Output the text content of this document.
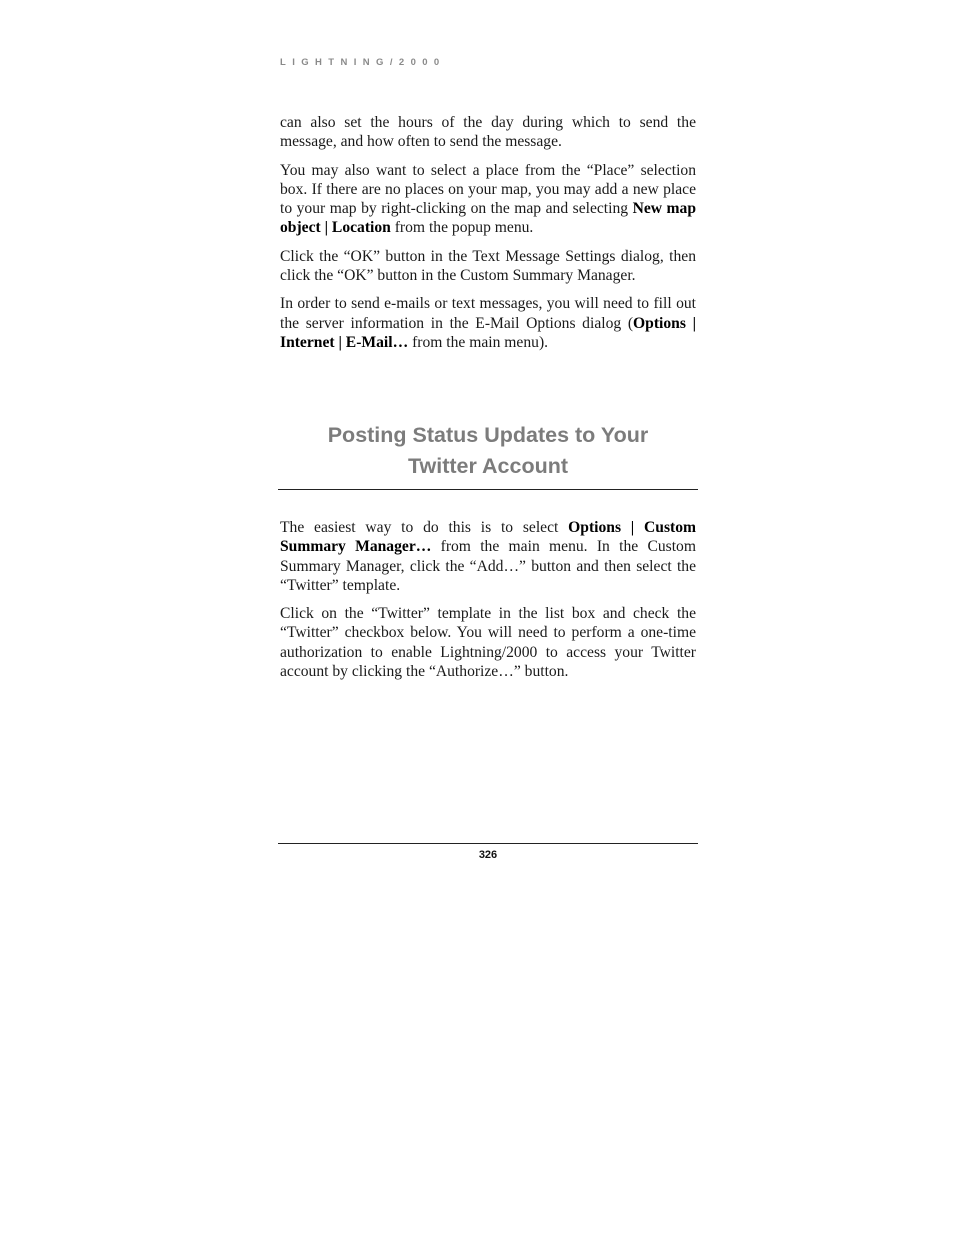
LIGHTNING/2000

can also set the hours of the day during which to send the message, and how often to send the message.

You may also want to select a place from the “Place” selection box. If there are no places on your map, you may add a new place to your map by right-clicking on the map and selecting New map object | Location from the popup menu.

Click the “OK” button in the Text Message Settings dialog, then click the “OK” button in the Custom Summary Manager.

In order to send e-mails or text messages, you will need to fill out the server information in the E-Mail Options dialog (Options | Internet | E-Mail… from the main menu).

Posting Status Updates to Your
Twitter Account

The easiest way to do this is to select Options | Custom Summary Manager… from the main menu. In the Custom Summary Manager, click the “Add…” button and then select the “Twitter” template.

Click on the “Twitter” template in the list box and check the “Twitter” checkbox below. You will need to perform a one-time authorization to enable Lightning/2000 to access your Twitter account by clicking the “Authorize…” button.

326
